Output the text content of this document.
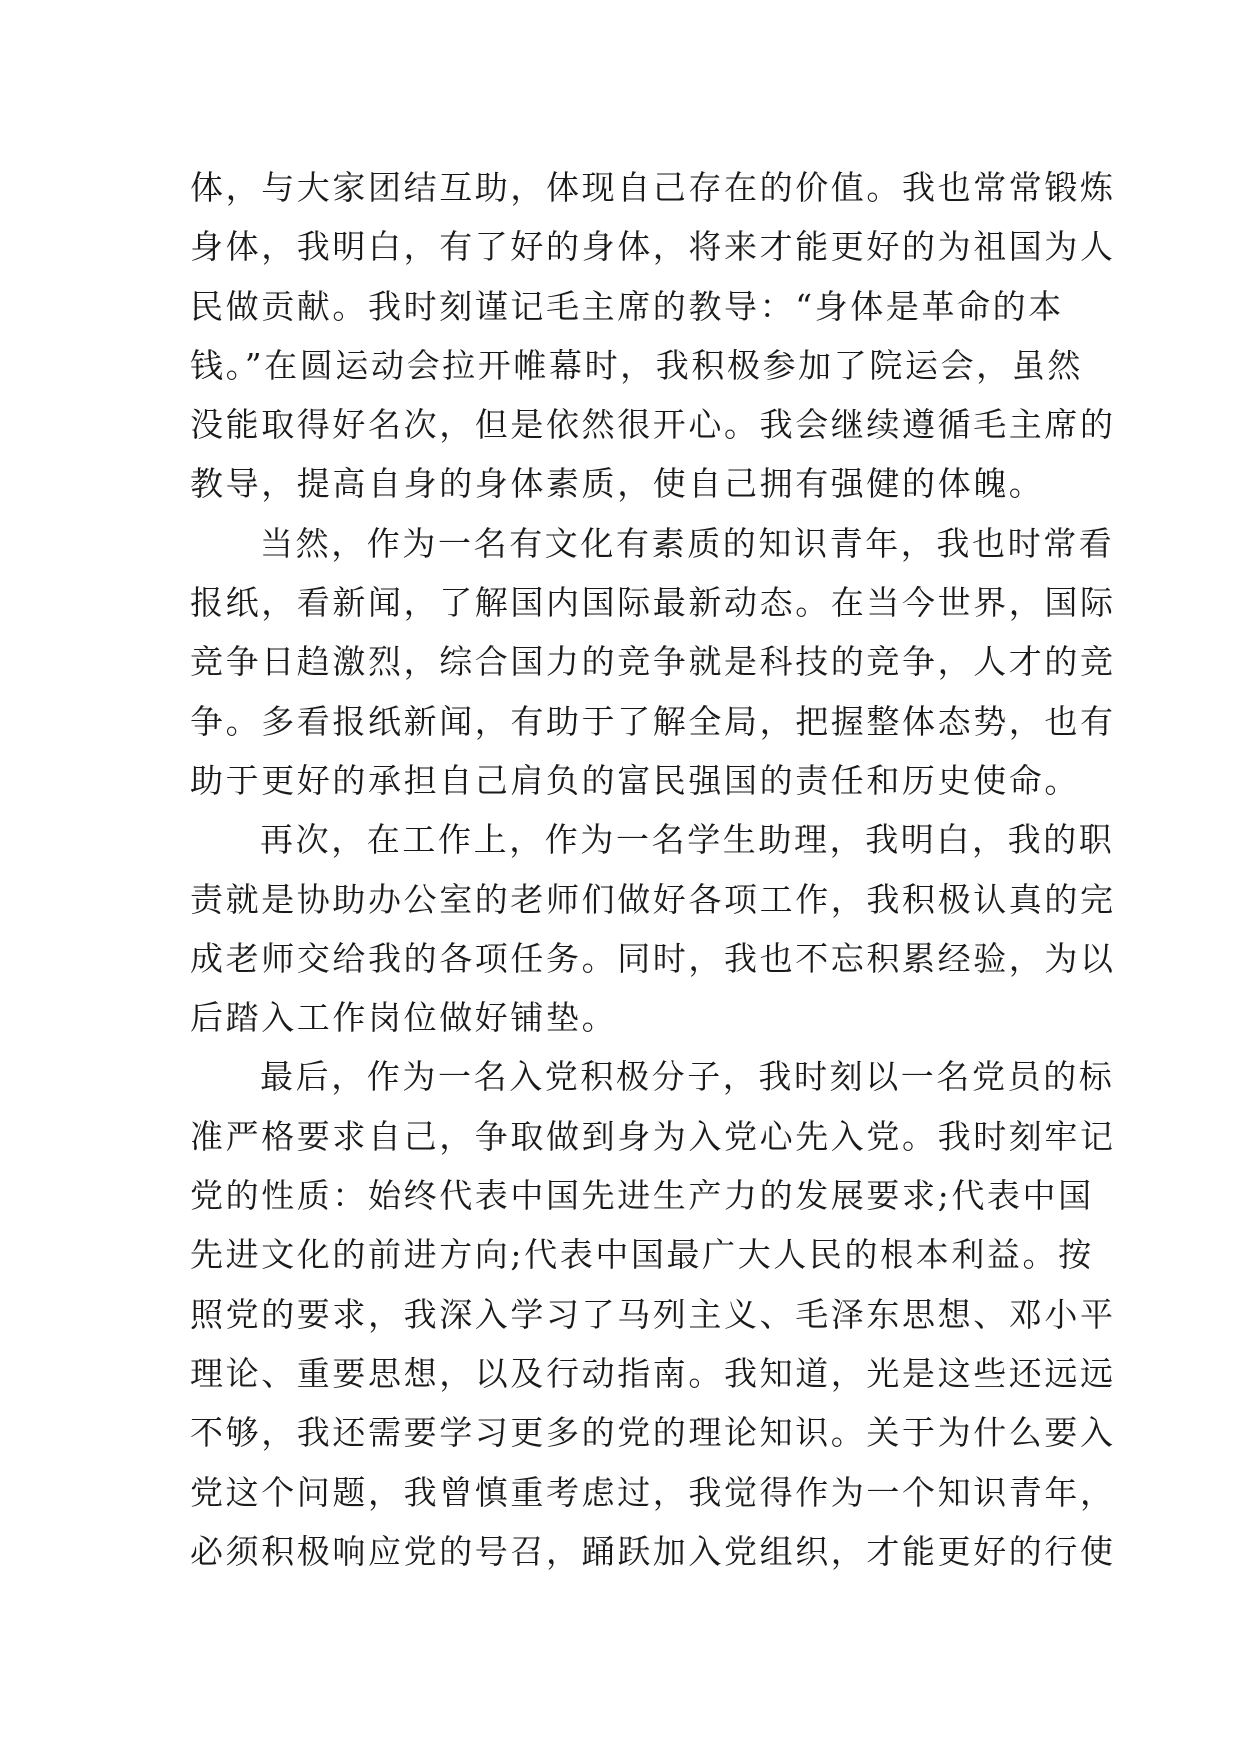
体，与大家团结互助，体现自己存在的价值。我也常常锻炼
身体，我明白，有了好的身体，将来才能更好的为祖国为人
民做贡献。我时刻谨记毛主席的教导：“身体是革命的本
钱。”在圆运动会拉开帷幕时，我积极参加了院运会，虽然
没能取得好名次，但是依然很开心。我会继续遵循毛主席的
教导，提高自身的身体素质，使自己拥有强健的体魄。
当然，作为一名有文化有素质的知识青年，我也时常看
报纸，看新闻，了解国内国际最新动态。在当今世界，国际
竞争日趋激烈，综合国力的竞争就是科技的竞争，人才的竞
争。多看报纸新闻，有助于了解全局，把握整体态势，也有
助于更好的承担自己肩负的富民强国的责任和历史使命。
再次，在工作上，作为一名学生助理，我明白，我的职
责就是协助办公室的老师们做好各项工作，我积极认真的完
成老师交给我的各项任务。同时，我也不忘积累经验，为以
后踏入工作岗位做好铺垫。
最后，作为一名入党积极分子，我时刻以一名党员的标
准严格要求自己，争取做到身为入党心先入党。我时刻牢记
党的性质：始终代表中国先进生产力的发展要求;代表中国
先进文化的前进方向;代表中国最广大人民的根本利益。按
照党的要求，我深入学习了马列主义、毛泽东思想、邓小平
理论、重要思想，以及行动指南。我知道，光是这些还远远
不够，我还需要学习更多的党的理论知识。关于为什么要入
党这个问题，我曾慎重考虑过，我觉得作为一个知识青年，
必须积极响应党的号召，踊跃加入党组织，才能更好的行使
